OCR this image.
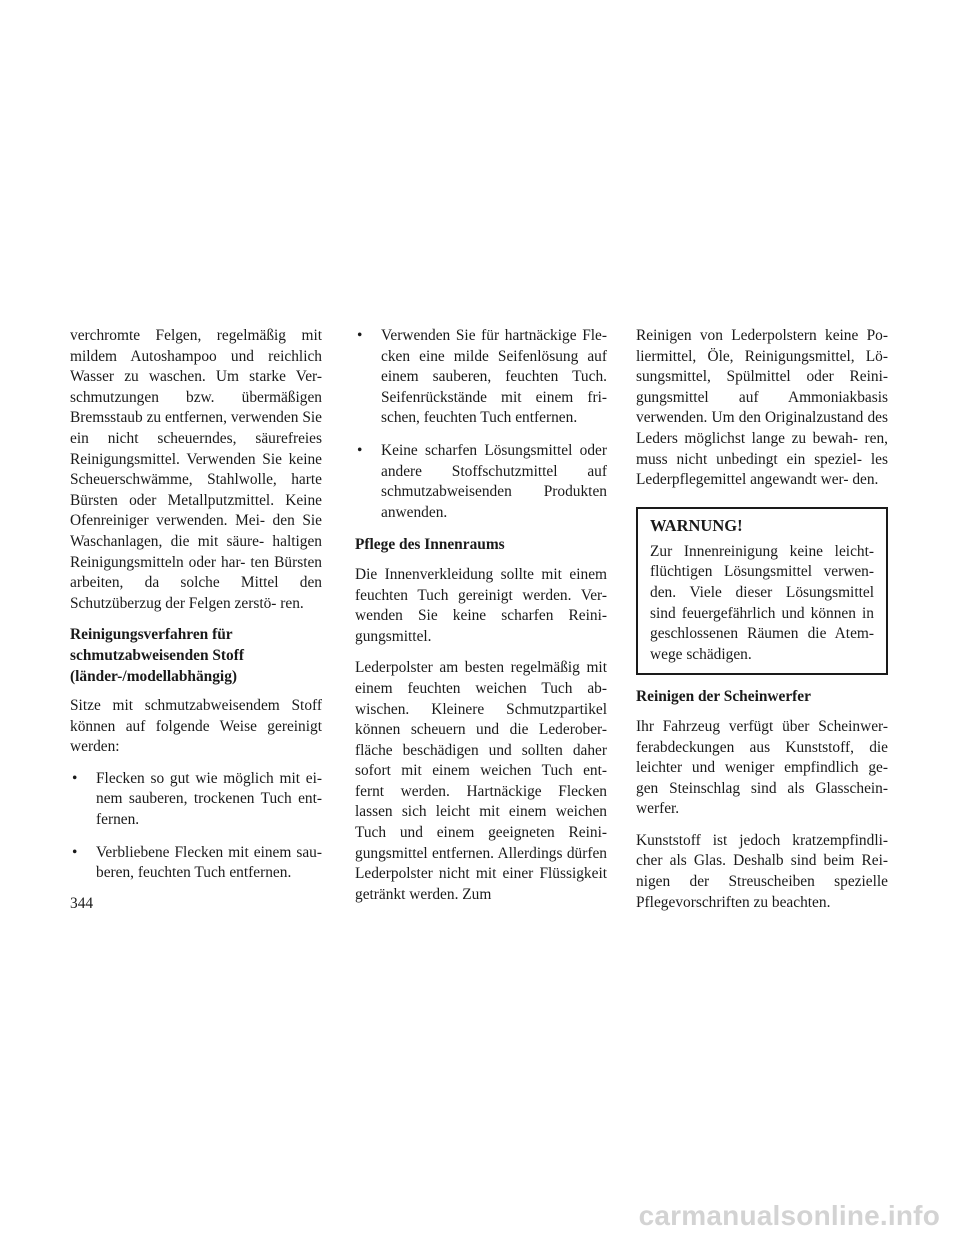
verchromte Felgen, regelmäßig mit mildem Autoshampoo und reichlich Wasser zu waschen. Um starke Ver- schmutzungen bzw. übermäßigen Bremsstaub zu entfernen, verwenden Sie ein nicht scheuerndes, säurefreies Reinigungsmittel. Verwenden Sie keine Scheuerschwämme, Stahlwolle, harte Bürsten oder Metallputzmittel. Keine Ofenreiniger verwenden. Mei- den Sie Waschanlagen, die mit säure- haltigen Reinigungsmitteln oder har- ten Bürsten arbeiten, da solche Mittel den Schutzüberzug der Felgen zerstö- ren.

Reinigungsverfahren für schmutzabweisenden Stoff (länder-/modellabhängig)

Sitze mit schmutzabweisendem Stoff können auf folgende Weise gereinigt werden:

• Flecken so gut wie möglich mit ei- nem sauberen, trockenen Tuch ent- fernen.
• Verbliebene Flecken mit einem sau- beren, feuchten Tuch entfernen.
• Verwenden Sie für hartnäckige Fle- cken eine milde Seifenlösung auf einem sauberen, feuchten Tuch. Seifenrückstände mit einem fri- schen, feuchten Tuch entfernen.
• Keine scharfen Lösungsmittel oder andere Stoffschutzmittel auf schmutzabweisenden Produkten anwenden.
Pflege des Innenraums

Die Innenverkleidung sollte mit einem feuchten Tuch gereinigt werden. Ver- wenden Sie keine scharfen Reini- gungsmittel.

Lederpolster am besten regelmäßig mit einem feuchten weichen Tuch ab- wischen. Kleinere Schmutzpartikel können scheuern und die Lederober- fläche beschädigen und sollten daher sofort mit einem weichen Tuch ent- fernt werden. Hartnäckige Flecken lassen sich leicht mit einem weichen Tuch und einem geeigneten Reini- gungsmittel entfernen. Allerdings dürfen Lederpolster nicht mit einer Flüssigkeit getränkt werden. Zum

Reinigen von Lederpolstern keine Po- liermittel, Öle, Reinigungsmittel, Lö- sungsmittel, Spülmittel oder Reini- gungsmittel auf Ammoniakbasis verwenden. Um den Originalzustand des Leders möglichst lange zu bewah- ren, muss nicht unbedingt ein speziel- les Lederpflegemittel angewandt wer- den.

WARNUNG!

Zur Innenreinigung keine leicht- flüchtigen Lösungsmittel verwen- den. Viele dieser Lösungsmittel sind feuergefährlich und können in geschlossenen Räumen die Atem- wege schädigen.

Reinigen der Scheinwerfer

Ihr Fahrzeug verfügt über Scheinwer- ferabdeckungen aus Kunststoff, die leichter und weniger empfindlich ge- gen Steinschlag sind als Glasschein- werfer.

Kunststoff ist jedoch kratzempfindli- cher als Glas. Deshalb sind beim Rei- nigen der Streuscheiben spezielle Pflegevorschriften zu beachten.

344
carmanualsonline.info
